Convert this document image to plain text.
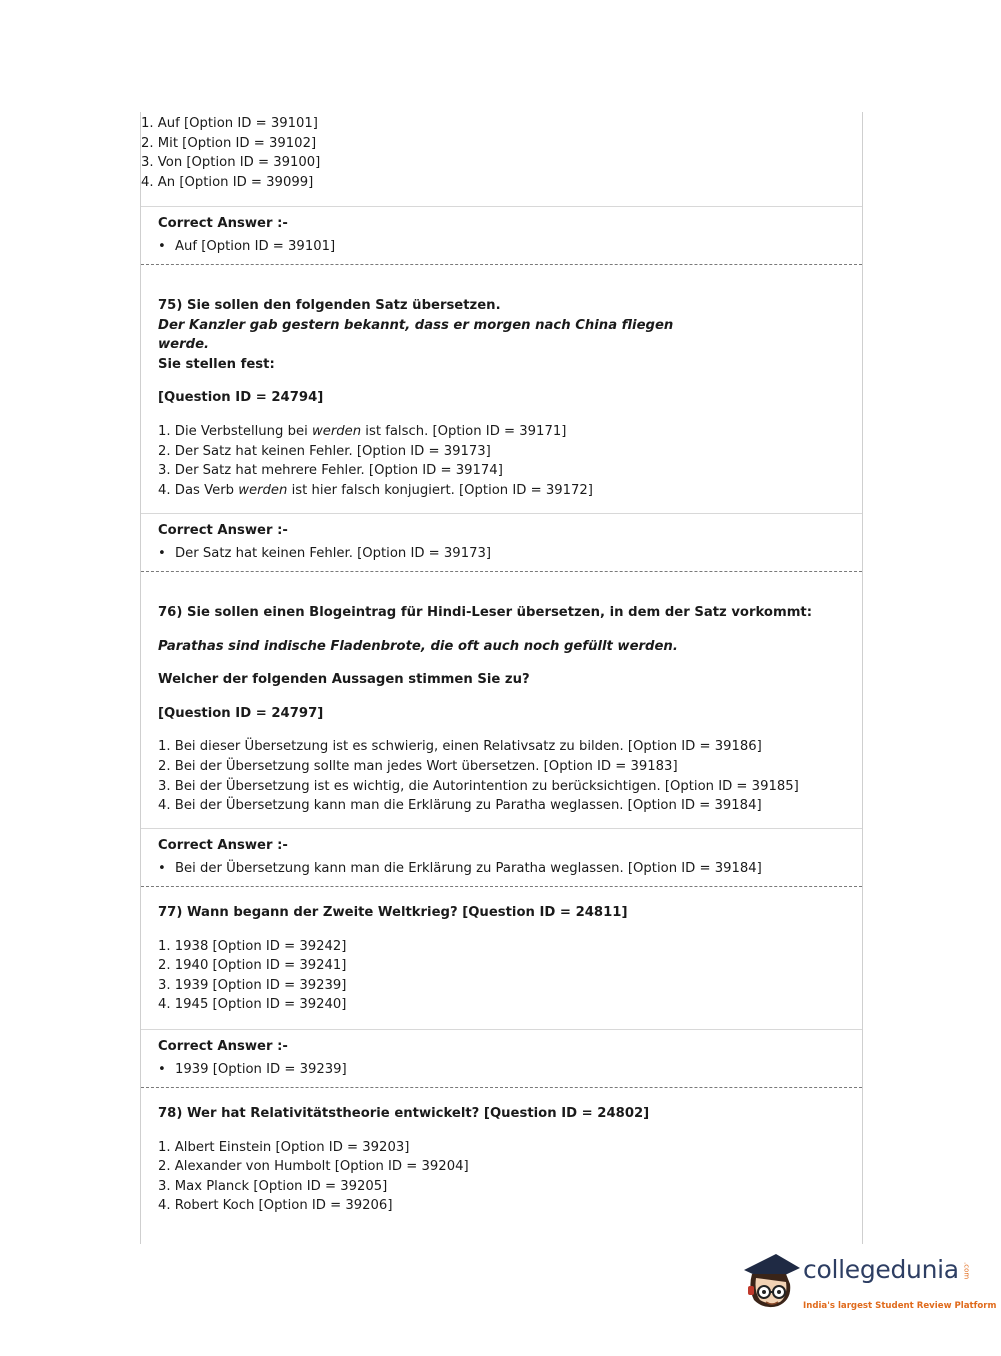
1. Auf [Option ID = 39101]
2. Mit [Option ID = 39102]
3. Von [Option ID = 39100]
4. An [Option ID = 39099]
Correct Answer :-
• Auf [Option ID = 39101]
75) Sie sollen den folgenden Satz übersetzen.
Der Kanzler gab gestern bekannt, dass er morgen nach China fliegen
werde.
Sie stellen fest:
[Question ID = 24794]
1. Die Verbstellung bei werden ist falsch. [Option ID = 39171]
2. Der Satz hat keinen Fehler. [Option ID = 39173]
3. Der Satz hat mehrere Fehler. [Option ID = 39174]
4. Das Verb werden ist hier falsch konjugiert. [Option ID = 39172]
Correct Answer :-
• Der Satz hat keinen Fehler. [Option ID = 39173]
76) Sie sollen einen Blogeintrag für Hindi-Leser übersetzen, in dem der Satz vorkommt:
Parathas sind indische Fladenbrote, die oft auch noch gefüllt werden.
Welcher der folgenden Aussagen stimmen Sie zu?
[Question ID = 24797]
1. Bei dieser Übersetzung ist es schwierig, einen Relativsatz zu bilden. [Option ID = 39186]
2. Bei der Übersetzung sollte man jedes Wort übersetzen. [Option ID = 39183]
3. Bei der Übersetzung ist es wichtig, die Autorintention zu berücksichtigen. [Option ID = 39185]
4. Bei der Übersetzung kann man die Erklärung zu Paratha weglassen. [Option ID = 39184]
Correct Answer :-
• Bei der Übersetzung kann man die Erklärung zu Paratha weglassen. [Option ID = 39184]
77) Wann begann der Zweite Weltkrieg? [Question ID = 24811]
1. 1938 [Option ID = 39242]
2. 1940 [Option ID = 39241]
3. 1939 [Option ID = 39239]
4. 1945 [Option ID = 39240]
Correct Answer :-
• 1939 [Option ID = 39239]
78) Wer hat Relativitätstheorie entwickelt? [Question ID = 24802]
1. Albert Einstein [Option ID = 39203]
2. Alexander von Humbolt [Option ID = 39204]
3. Max Planck [Option ID = 39205]
4. Robert Koch [Option ID = 39206]
collegedunia .com
India's largest Student Review Platform
